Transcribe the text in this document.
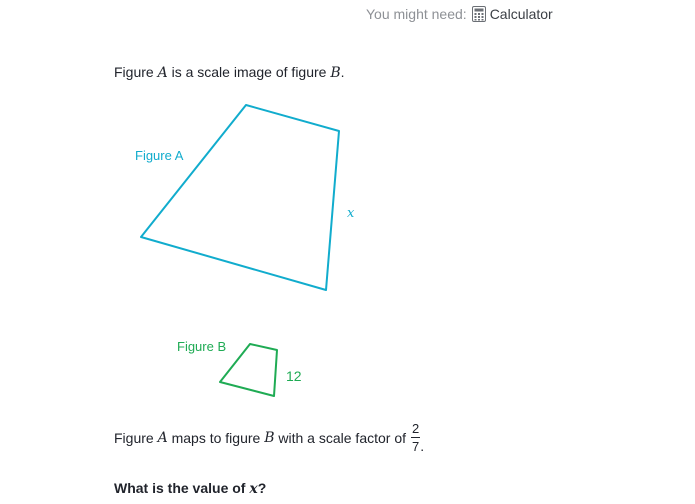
You might need: Calculator
Figure A is a scale image of figure B.
Figure A
x
Figure B
12
Figure A maps to figure B with a scale factor of $\frac{2}{7}$ .
What is the value of x?
